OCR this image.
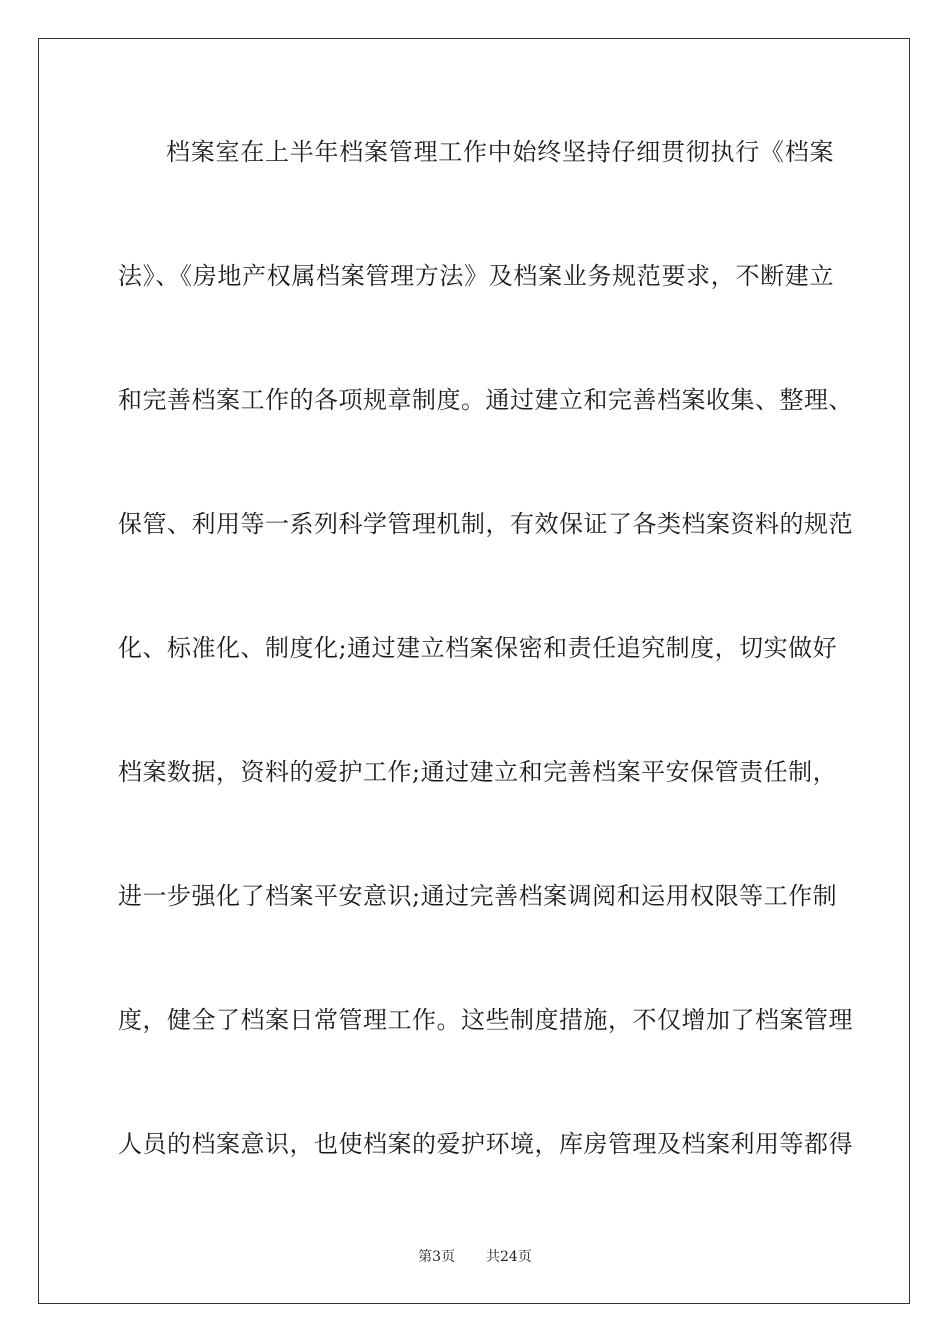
档案室在上半年档案管理工作中始终坚持仔细贯彻执行《档案
法》、《房地产权属档案管理方法》及档案业务规范要求，不断建立
和完善档案工作的各项规章制度。通过建立和完善档案收集、整理、
保管、利用等一系列科学管理机制，有效保证了各类档案资料的规范
化、标准化、制度化;通过建立档案保密和责任追究制度，切实做好
档案数据，资料的爱护工作;通过建立和完善档案平安保管责任制，
进一步强化了档案平安意识;通过完善档案调阅和运用权限等工作制
度，健全了档案日常管理工作。这些制度措施，不仅增加了档案管理
人员的档案意识，也使档案的爱护环境，库房管理及档案利用等都得
第3页 共24页
